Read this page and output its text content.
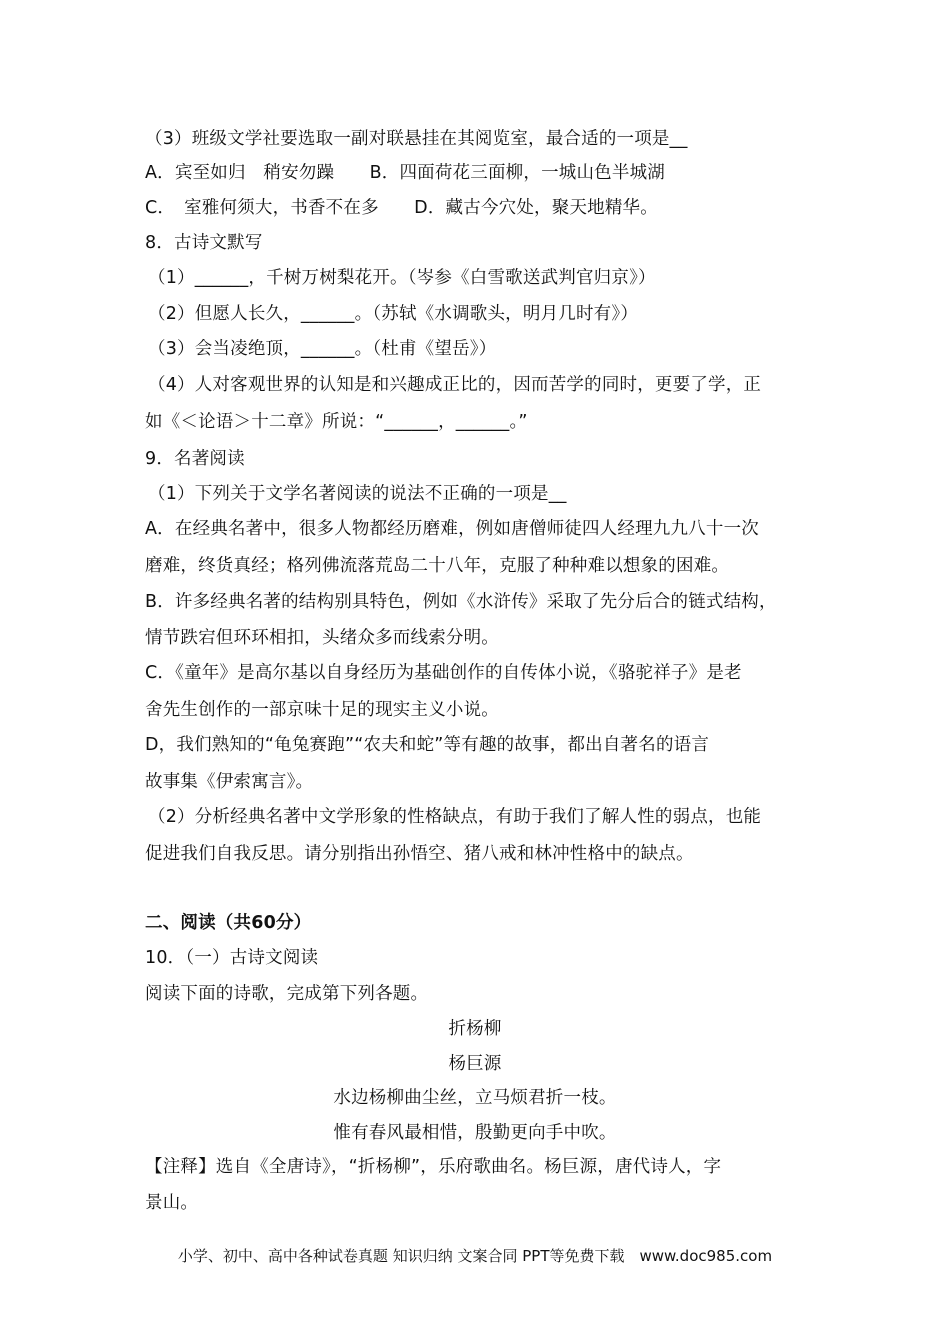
（3）班级文学社要选取一副对联悬挂在其阅览室，最合适的一项是__
A．宾至如归　稍安勿躁　　B．四面荷花三面柳，一城山色半城湖
C．　室雅何须大，书香不在多　　D．藏古今穴处，聚天地精华。
8．古诗文默写
（1）______，千树万树梨花开。（岑参《白雪歌送武判官归京》）
（2）但愿人长久，______。（苏轼《水调歌头，明月几时有》）
（3）会当凌绝顶，______。（杜甫《望岳》）
（4）人对客观世界的认知是和兴趣成正比的，因而苦学的同时，更要了学，正
如《＜论语＞十二章》所说：“______，______。”
9．名著阅读
（1）下列关于文学名著阅读的说法不正确的一项是__
A．在经典名著中，很多人物都经历磨难，例如唐僧师徒四人经理九九八十一次
磨难，终货真经；格列佛流落荒岛二十八年，克服了种种难以想象的困难。
B．许多经典名著的结构别具特色，例如《水浒传》采取了先分后合的链式结构，
情节跌宕但环环相扣，头绪众多而线索分明。
C．《童年》是高尔基以自身经历为基础创作的自传体小说，《骆驼祥子》是老
舍先生创作的一部京味十足的现实主义小说。
D，我们熟知的“龟兔赛跑”“农夫和蛇”等有趣的故事，都出自著名的语言
故事集《伊索寓言》。
（2）分析经典名著中文学形象的性格缺点，有助于我们了解人性的弱点，也能
促进我们自我反思。请分别指出孙悟空、猪八戒和林冲性格中的缺点。
二、阅读（共60分）
10．（一）古诗文阅读
阅读下面的诗歌，完成第下列各题。
折杨柳
杨巨源
水边杨柳曲尘丝，立马烦君折一枝。
惟有春风最相惜，殷勤更向手中吹。
【注释】选自《全唐诗》，“折杨柳”，乐府歌曲名。杨巨源，唐代诗人，字
景山。
小学、初中、高中各种试卷真题 知识归纳 文案合同 PPT等免费下载　www.doc985.com
